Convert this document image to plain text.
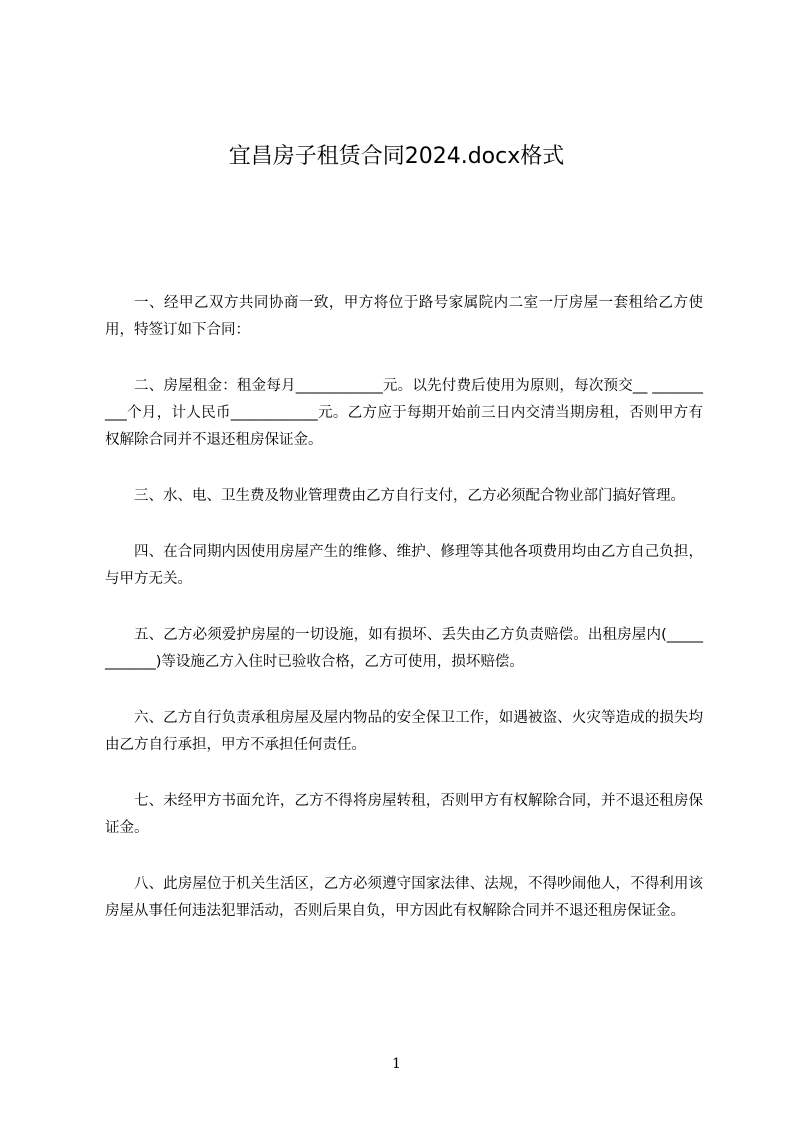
宜昌房子租赁合同2024.docx格式

一、经甲乙双方共同协商一致，甲方将位于路号家属院内二室一厅房屋一套租给乙方使用，特签订如下合同：

二、房屋租金：租金每月____________元。以先付费后使用为原则，每次预交__ __________个月，计人民币____________元。乙方应于每期开始前三日内交清当期房租，否则甲方有权解除合同并不退还租房保证金。

三、水、电、卫生费及物业管理费由乙方自行支付，乙方必须配合物业部门搞好管理。

四、在合同期内因使用房屋产生的维修、维护、修理等其他各项费用均由乙方自己负担，与甲方无关。

五、乙方必须爱护房屋的一切设施，如有损坏、丢失由乙方负责赔偿。出租房屋内(____________)等设施乙方入住时已验收合格，乙方可使用，损坏赔偿。

六、乙方自行负责承租房屋及屋内物品的安全保卫工作，如遇被盗、火灾等造成的损失均由乙方自行承担，甲方不承担任何责任。

七、未经甲方书面允许，乙方不得将房屋转租，否则甲方有权解除合同，并不退还租房保证金。

八、此房屋位于机关生活区，乙方必须遵守国家法律、法规，不得吵闹他人，不得利用该房屋从事任何违法犯罪活动，否则后果自负，甲方因此有权解除合同并不退还租房保证金。

1
